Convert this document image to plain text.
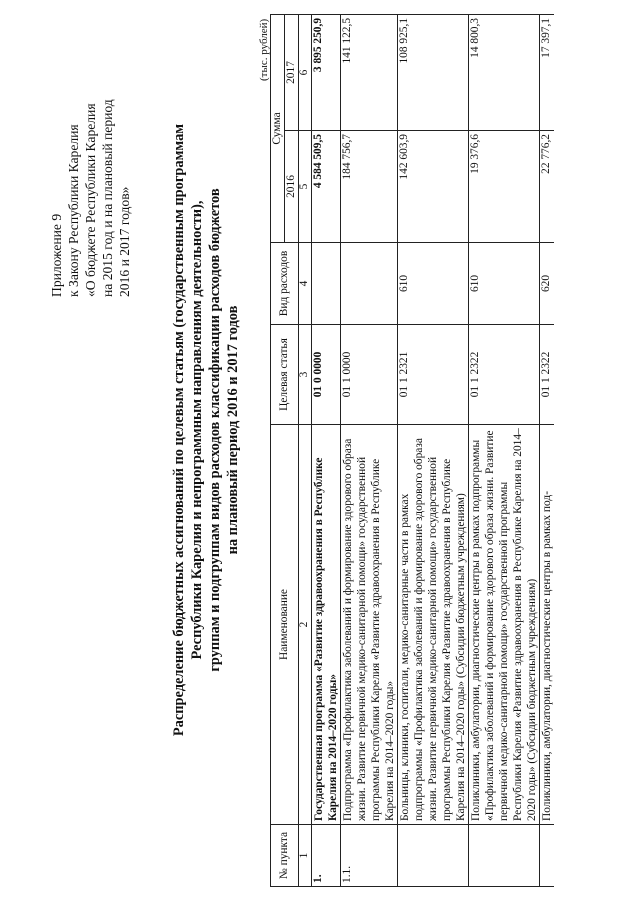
Приложение 9 к Закону Республики Карелия «О бюджете Республики Карелия на 2015 год и на плановый период 2016 и 2017 годов»	Распределение бюджетных ассигнований по целевым статьям (государственным программам Республики Карелия и непрограммным направлениям деятельности), группам и подгруппам видов расходов классификации расходов бюджетов на плановый период 2016 и 2017 годов
(тыс. рублей)
№ пункта	Наименование	Целевая статья	Вид расходов	Сумма	
				2016	2017
1	2	3	4	5	6
1.	Государственная программа «Развитие здравоохранения в Республике Карелия на 2014–2020 годы»	01 0 0000		4 584 509,5	3 895 250,9
1.1.	Подпрограмма «Профилактика заболеваний и формирование здорового образа жизни. Развитие первичной медико-санитарной помощи» государственной программы Республики Карелия «Развитие здравоохранения в Республике Карелия на 2014–2020 годы»	01 1 0000		184 756,7	141 122,5
	Больницы, клиники, госпитали, медико-санитарные части в рамках подпрограммы «Профилактика заболеваний и формирование здорового образа жизни. Развитие первичной медико-санитарной помощи» государственной программы Республики Карелия «Развитие здравоохранения в Республике Карелия на 2014–2020 годы» (Субсидии бюджетным учреждениям)	01 1 2321	610	142 603,9	108 925,1
	Поликлиники, амбулатории, диагностические центры в рамках подпрограммы «Профилактика заболеваний и формирование здорового образа жизни. Развитие первичной медико-санитарной помощи» государственной программы Республики Карелия «Развитие здравоохранения в Республике Карелия на 2014–2020 годы» (Субсидии бюджетным учреждениям)	01 1 2322	610	19 376,6	14 800,3
	Поликлиники, амбулатории, диагностические центры в рамках под-	01 1 2322	620	22 776,2	17 397,1
